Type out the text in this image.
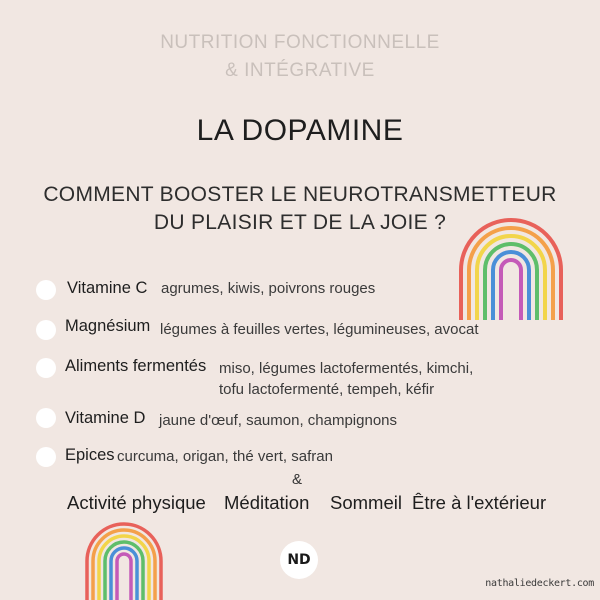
NUTRITION FONCTIONNELLE
& INTÉGRATIVE
LA DOPAMINE
COMMENT BOOSTER LE NEUROTRANSMETTEUR
DU PLAISIR ET DE LA JOIE ?
Vitamine C agrumes, kiwis, poivrons rouges
Magnésium légumes à feuilles vertes, légumineuses, avocat
Aliments fermentés miso, légumes lactofermentés, kimchi,
tofu lactofermenté, tempeh, kéfir
Vitamine D jaune d'œuf, saumon, champignons
Epices curcuma, origan, thé vert, safran
&
Activité physique Méditation Sommeil Être à l'extérieur
ND
nathaliedeckert.com
